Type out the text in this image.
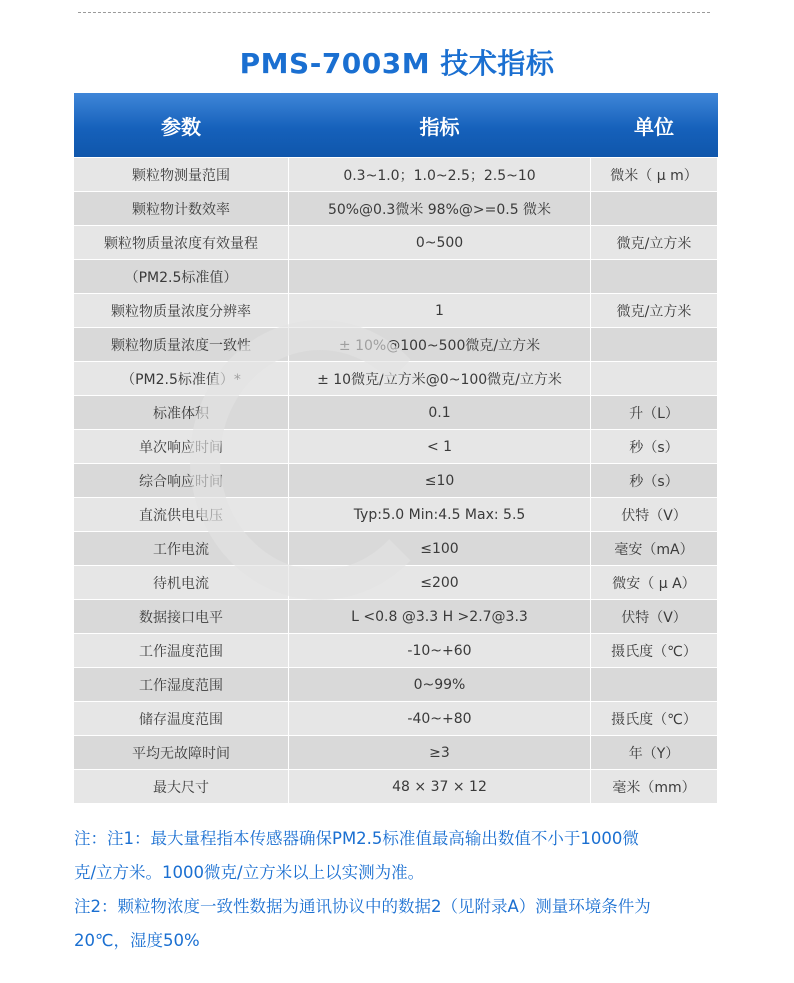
PMS-7003M 技术指标
参数	指标	单位
颗粒物测量范围	0.3~1.0；1.0~2.5；2.5~10	微米（ μ m）
颗粒物计数效率	50%@0.3微米 98%@>=0.5 微米	
颗粒物质量浓度有效量程	0~500	微克/立方米
（PM2.5标准值）		
颗粒物质量浓度分辨率	1	微克/立方米
颗粒物质量浓度一致性	± 10%@100~500微克/立方米	
（PM2.5标准值）*	± 10微克/立方米@0~100微克/立方米	
标准体积	0.1	升（L）
单次响应时间	< 1	秒（s）
综合响应时间	≤10	秒（s）
直流供电电压	Typ:5.0 Min:4.5 Max: 5.5	伏特（V）
工作电流	≤100	毫安（mA）
待机电流	≤200	微安（ μ A）
数据接口电平	L <0.8 @3.3 H >2.7@3.3	伏特（V）
工作温度范围	-10~+60	摄氏度（℃）
工作湿度范围	0~99%	
储存温度范围	-40~+80	摄氏度（℃）
平均无故障时间	≥3	年（Y）
最大尺寸	48 × 37 × 12	毫米（mm）

注：注1：最大量程指本传感器确保PM2.5标准值最高输出数值不小于1000微

克/立方米。1000微克/立方米以上以实测为准。

注2：颗粒物浓度一致性数据为通讯协议中的数据2（见附录A）测量环境条件为

20℃，湿度50%
